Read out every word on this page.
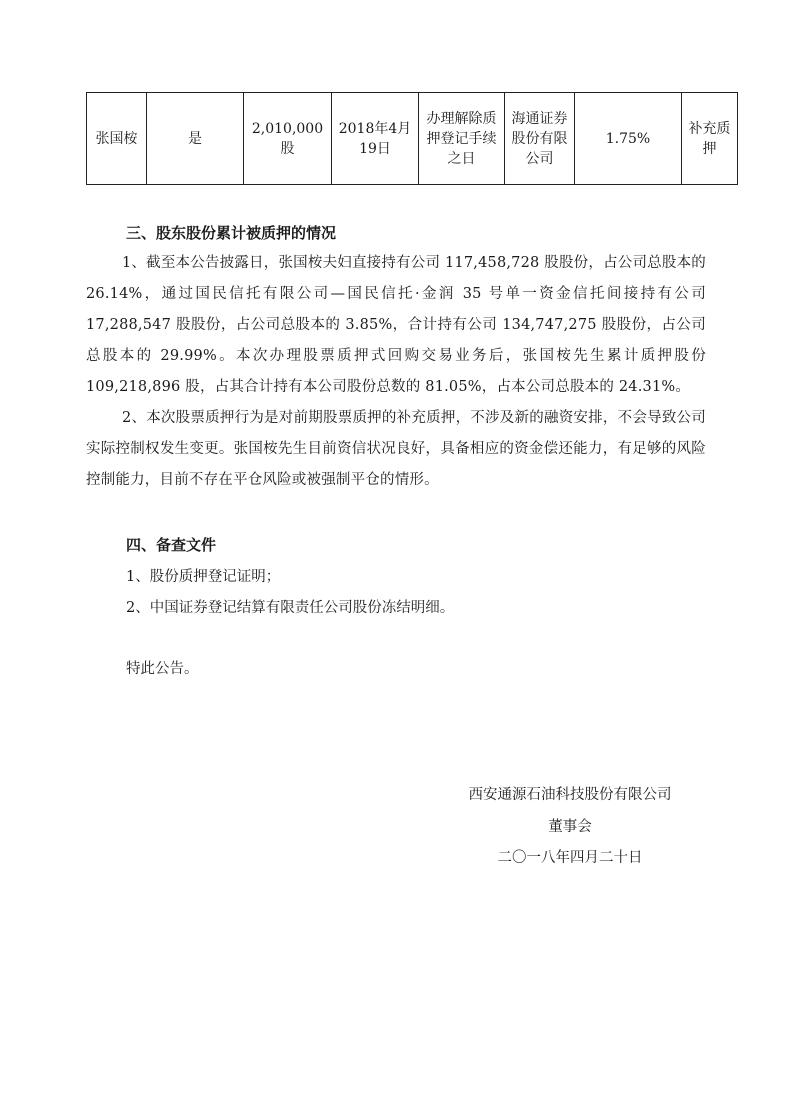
张国桉	是	2,010,000股	2018年4月19日	办理解除质押登记手续之日	海通证券股份有限公司	1.75%	补充质押
三、股东股份累计被质押的情况
1、截至本公告披露日，张国桉夫妇直接持有公司 117,458,728 股股份，占公司总股本的 26.14%，通过国民信托有限公司—国民信托·金润 35 号单一资金信托间接持有公司 17,288,547 股股份，占公司总股本的 3.85%，合计持有公司 134,747,275 股股份，占公司总股本的 29.99%。本次办理股票质押式回购交易业务后，张国桉先生累计质押股份 109,218,896 股，占其合计持有本公司股份总数的 81.05%，占本公司总股本的 24.31%。
2、本次股票质押行为是对前期股票质押的补充质押，不涉及新的融资安排，不会导致公司实际控制权发生变更。张国桉先生目前资信状况良好，具备相应的资金偿还能力，有足够的风险控制能力，目前不存在平仓风险或被强制平仓的情形。
四、备查文件
1、股份质押登记证明；
2、中国证券登记结算有限责任公司股份冻结明细。
特此公告。
西安通源石油科技股份有限公司
董事会
二〇一八年四月二十日
